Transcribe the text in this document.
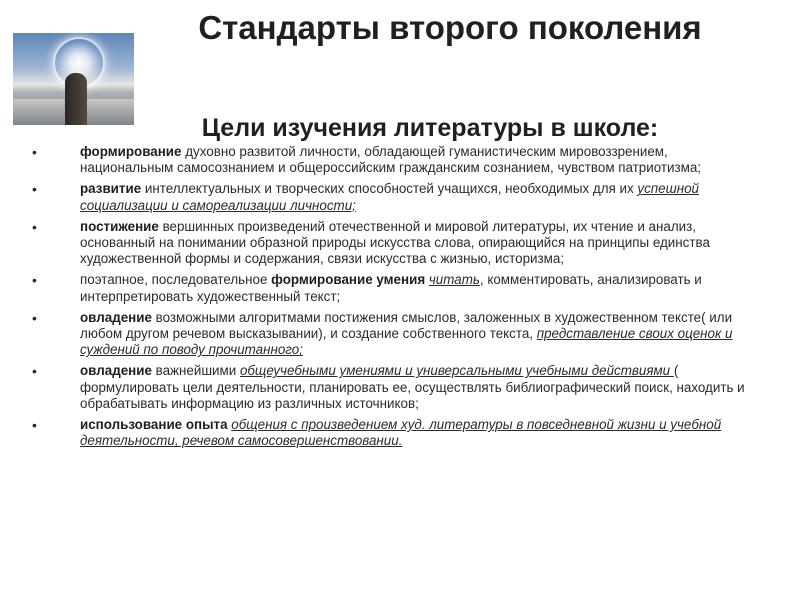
Стандарты второго поколения
Цели изучения литературы в школе:
• формирование духовно развитой личности, обладающей гуманистическим мировоззрением, национальным самосознанием и общероссийским гражданским сознанием, чувством патриотизма;
• развитие интеллектуальных и творческих способностей учащихся, необходимых для их успешной социализации и самореализации личности;
• постижение вершинных произведений отечественной и мировой литературы, их чтение и анализ, основанный на понимании образной природы искусства слова, опирающийся на принципы единства художественной формы и содержания, связи искусства с жизнью, историзма;
• поэтапное, последовательное формирование умения читать, комментировать, анализировать и интерпретировать художественный текст;
• овладение возможными алгоритмами постижения смыслов, заложенных в художественном тексте( или любом другом речевом высказывании), и создание собственного текста, представление своих оценок и суждений по поводу прочитанного;
• овладение важнейшими общеучебными умениями и универсальными учебными действиями ( формулировать цели деятельности, планировать ее, осуществлять библиографический поиск, находить и обрабатывать информацию из различных источников;
• использование опыта общения с произведением худ. литературы в повседневной жизни и учебной деятельности, речевом самосовершенствовании.
